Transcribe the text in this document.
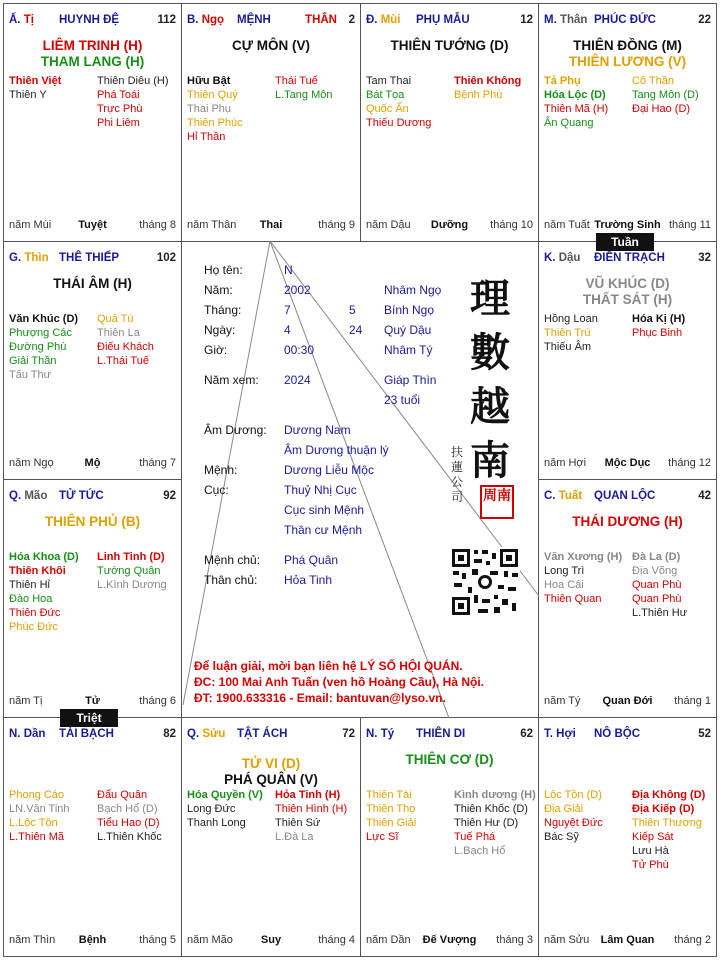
Ấ. Tị HUYNH ĐỆ	112
LIÊM TRINH (H)
THAM LANG (H)
Thiên Việt
Thiên Y
Thiên Diêu (H)
Phá Toái
Trực Phù
Phi Liêm
năm Mùi	Tuyệt	tháng 8
B. Ngọ MỆNH	THÂN 2
CỰ MÔN (V)
Hữu Bật
Thiên Quý
Thai Phụ
Thiên Phúc
Hỉ Thần
Thái Tuế
L.Tang Môn
năm Thân	Thai	tháng 9
Đ. Mùi PHỤ MẪU	12
THIÊN TƯỚNG (D)
Tam Thai
Bát Tọa
Quốc Ấn
Thiếu Dương
Thiên Không
Bệnh Phù
năm Dậu	Dưỡng	tháng 10
M. Thân PHÚC ĐỨC	22
THIÊN ĐỒNG (M)
THIÊN LƯƠNG (V)
Tả Phụ
Hóa Lộc (D)
Thiên Mã (H)
Ân Quang
Cô Thần
Tang Môn (D)
Đại Hao (D)
năm Tuất Trường Sinh tháng 11
G. Thìn THÊ THIẾP	102
THÁI ÂM (H)
Văn Khúc (D)
Phượng Các
Đường Phù
Giải Thần
Tấu Thư
Quả Tú
Thiên La
Điếu Khách
L.Thái Tuế
năm Ngọ	Mộ	tháng 7
K. Dậu ĐIỀN TRẠCH	32
VŨ KHÚC (D)
THẤT SÁT (H)
Hồng Loan
Thiên Trù
Thiếu Âm
Hóa Kị (H)
Phục Binh
năm Hợi	Mộc Dục	tháng 12
Q. Mão TỬ TỨC	92
THIÊN PHỦ (B)
Hóa Khoa (D)
Thiên Khôi
Thiên Hỉ
Đào Hoa
Thiên Đức
Phúc Đức
Linh Tinh (D)
Tướng Quân
L.Kình Dương
năm Tị	Tử	tháng 6
C. Tuất QUAN LỘC	42
THÁI DƯƠNG (H)
Văn Xương (H)
Long Trì
Hoa Cái
Thiên Quan
Đà La (D)
Địa Võng
Quan Phù
Quan Phù
L.Thiên Hư
năm Tý	Quan Đới	tháng 1
N. Dần TÀI BẠCH	82
Phong Cáo
LN.Văn Tinh
L.Lộc Tồn
L.Thiên Mã
Đẩu Quân
Bạch Hổ (D)
Tiểu Hao (D)
L.Thiên Khốc
năm Thìn	Bệnh	tháng 5
Q. Sửu TẬT ÁCH	72
TỬ VI (D)
PHÁ QUÂN (V)
Hóa Quyền (V)
Long Đức
Thanh Long
Hỏa Tinh (H)
Thiên Hình (H)
Thiên Sứ
L.Đà La
năm Mão	Suy	tháng 4
N. Tý THIÊN DI	62
THIÊN CƠ (D)
Thiên Tài
Thiên Thọ
Thiên Giải
Lực Sĩ
Kình dương (H)
Thiên Khốc (D)
Thiên Hư (D)
Tuế Phá
L.Bạch Hổ
năm Dần	Đế Vượng	tháng 3
T. Hợi NÔ BỘC	52
Lộc Tồn (D)
Địa Giải
Nguyệt Đức
Bác Sỹ
Địa Không (D)
Địa Kiếp (D)
Thiên Thương
Kiếp Sát
Lưu Hà
Tử Phù
năm Sửu	Lâm Quan	tháng 2
Tuần
Triệt
Họ tên:	N
Năm:	2002	Nhâm Ngọ
Tháng:	7	5 Bính Ngọ
Ngày:	4	24 Quý Dậu
Giờ:	00:30	Nhâm Tý
Năm xem: 2024	Giáp Thìn
23 tuổi
Âm Dương: Dương Nam
Âm Dương thuận lý
Mệnh:	Dương Liễu Mộc
Cục:	Thuỷ Nhị Cục
Cục sinh Mệnh
Thân cư Mệnh
Mệnh chủ: Phá Quân
Thân chủ: Hỏa Tinh
理
數
越
南
扶蓮公司 周南
Để luận giải, mời bạn liên hệ LÝ SỐ HỘI QUÁN.
ĐC: 100 Mai Anh Tuấn (ven hồ Hoàng Cầu), Hà Nội.
ĐT: 1900.633316 - Email: bantuvan@lyso.vn.
